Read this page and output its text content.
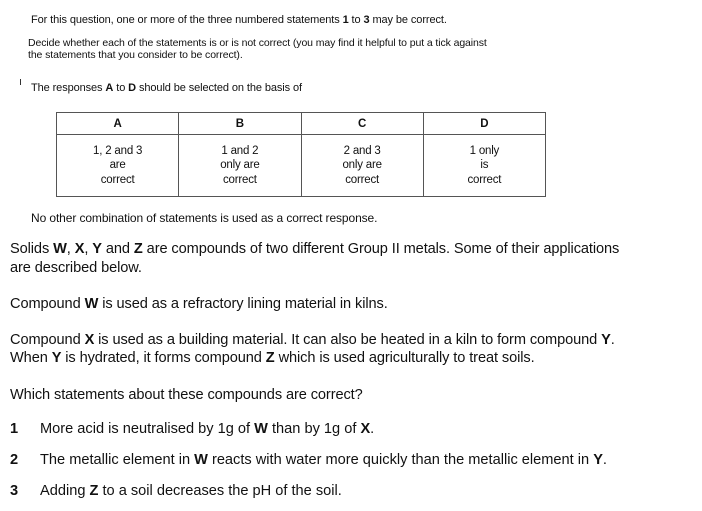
For this question, one or more of the three numbered statements 1 to 3 may be correct.
Decide whether each of the statements is or is not correct (you may find it helpful to put a tick against
the statements that you consider to be correct).
The responses A to D should be selected on the basis of
A	B	C	D

1, 2 and 3
are
correct	1 and 2
only are
correct	2 and 3
only are
correct	1 only
is
correct
No other combination of statements is used as a correct response.
Solids W, X, Y and Z are compounds of two different Group II metals. Some of their applications
are described below.
Compound W is used as a refractory lining material in kilns.
Compound X is used as a building material. It can also be heated in a kiln to form compound Y.
When Y is hydrated, it forms compound Z which is used agriculturally to treat soils.
Which statements about these compounds are correct?
1 More acid is neutralised by 1g of W than by 1g of X.
2 The metallic element in W reacts with water more quickly than the metallic element in Y.
3 Adding Z to a soil decreases the pH of the soil.
